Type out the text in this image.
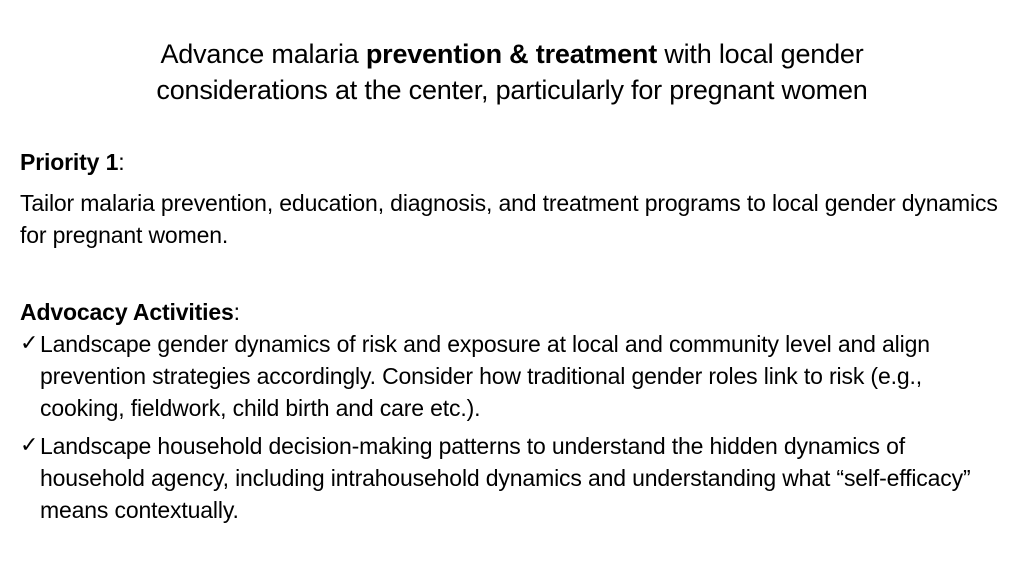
Advance malaria prevention & treatment with local gender
considerations at the center, particularly for pregnant women

Priority 1:

Tailor malaria prevention, education, diagnosis, and treatment programs to local gender dynamics for pregnant women.

Advocacy Activities:

✓ Landscape gender dynamics of risk and exposure at local and community level and align prevention strategies accordingly. Consider how traditional gender roles link to risk (e.g., cooking, fieldwork, child birth and care etc.).
✓ Landscape household decision-making patterns to understand the hidden dynamics of household agency, including intrahousehold dynamics and understanding what “self-efficacy” means contextually.
